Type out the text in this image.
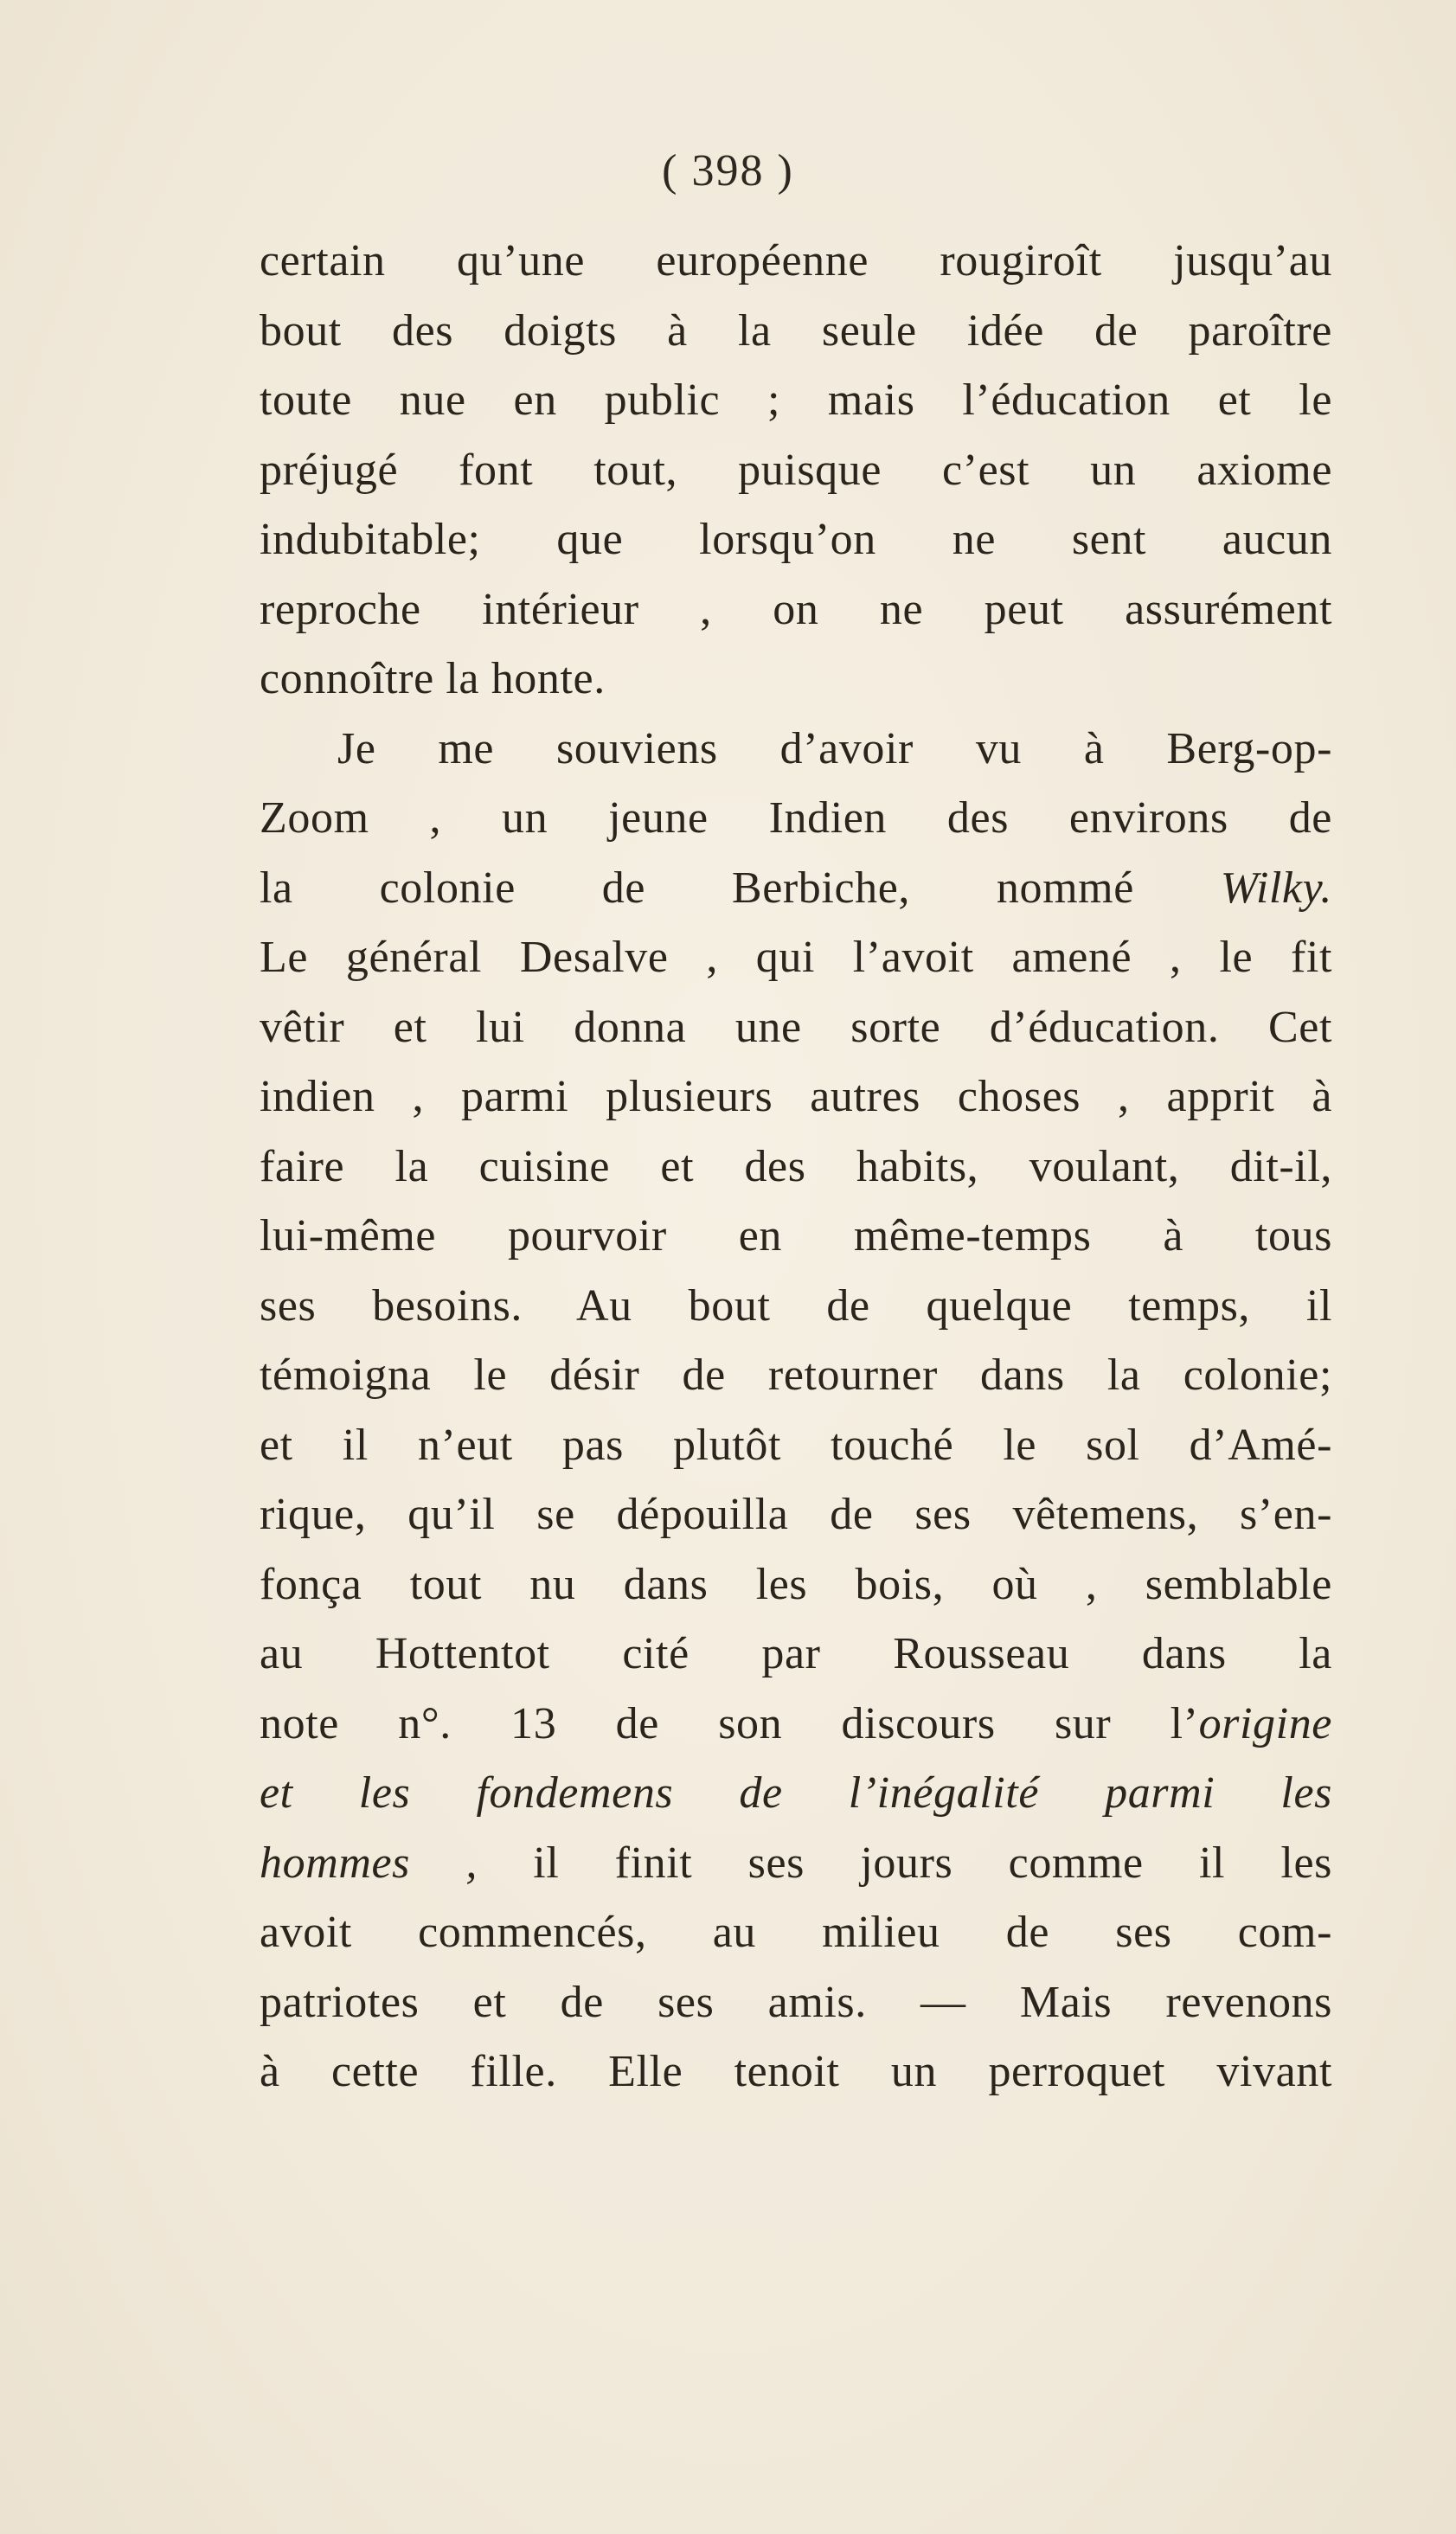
( 398 )
certain qu’une européenne rougiroît jusqu’au
bout des doigts à la seule idée de paroître
toute nue en public ; mais l’éducation et le
préjugé font tout, puisque c’est un axiome
indubitable; que lorsqu’on ne sent aucun
reproche intérieur , on ne peut assurément
connoître la honte.
Je me souviens d’avoir vu à Berg-op-
Zoom , un jeune Indien des environs de
la colonie de Berbiche, nommé Wilky.
Le général Desalve , qui l’avoit amené , le fit
vêtir et lui donna une sorte d’éducation. Cet
indien , parmi plusieurs autres choses , apprit à
faire la cuisine et des habits, voulant, dit-il,
lui-même pourvoir en même-temps à tous
ses besoins. Au bout de quelque temps, il
témoigna le désir de retourner dans la colonie;
et il n’eut pas plutôt touché le sol d’Amé-
rique, qu’il se dépouilla de ses vêtemens, s’en-
fonça tout nu dans les bois, où , semblable
au Hottentot cité par Rousseau dans la
note n°. 13 de son discours sur l’origine
et les fondemens de l’inégalité parmi les
hommes , il finit ses jours comme il les
avoit commencés, au milieu de ses com-
patriotes et de ses amis. — Mais revenons
à cette fille. Elle tenoit un perroquet vivant
